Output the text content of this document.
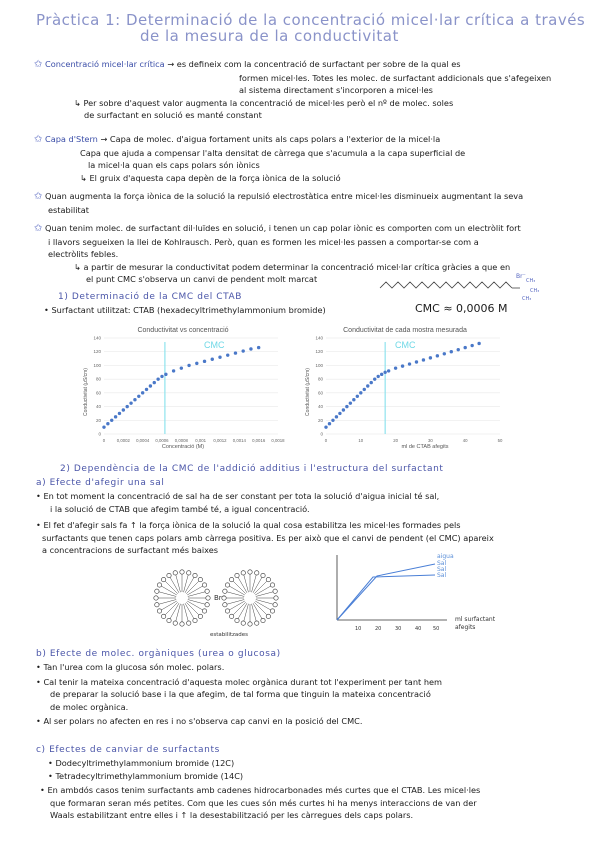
Pràctica 1: Determinació de la concentració micel·lar crítica a través
de la mesura de la conductivitat
✩ Concentració micel·lar crítica → es defineix com la concentració de surfactant per sobre de la qual es
formen micel·les. Totes les molec. de surfactant addicionals que s'afegeixen
al sistema directament s'incorporen a micel·les
↳ Per sobre d'aquest valor augmenta la concentració de micel·les però el nº de molec. soles
de surfactant en solució es manté constant
✩ Capa d'Stern → Capa de molec. d'aigua fortament units als caps polars a l'exterior de la micel·la
Capa que ajuda a compensar l'alta densitat de càrrega que s'acumula a la capa superficial de
la micel·la quan els caps polars són iònics
↳ El gruix d'aquesta capa depèn de la força iònica de la solució
✩ Quan augmenta la força iònica de la solució la repulsió electrostàtica entre micel·les disminueix augmentant la seva
estabilitat
✩ Quan tenim molec. de surfactant dil·luïdes en solució, i tenen un cap polar iònic es comporten com un electròlit fort
i llavors segueixen la llei de Kohlrausch. Però, quan es formen les micel·les passen a comportar-se com a
electròlits febles.
↳ a partir de mesurar la conductivitat podem determinar la concentració micel·lar crítica gràcies a que en
el punt CMC s'observa un canvi de pendent molt marcat	Br⁻
CH₃
CH₃
CH₃
1) Determinació de la CMC del CTAB
• Surfactant utilitzat: CTAB (hexadecyltrimethylammonium bromide)	CMC ≈ 0,0006 M
Conductivitat vs concentració
Concentració (M)
Conductivitat (μS/cm)
CMC
0
20
40
60
80
100
120
140
0	0,0002 0,0004 0,0006 0,0008 0,001 0,0012 0,0014 0,0016 0,0018
Conductivitat de cada mostra mesurada
ml de CTAB afegits
Conductivitat (μS/cm)
CMC
0
20
40
60
80
100
120
140
0	10	20	30	40	50
2) Dependència de la CMC de l'addició additius i l'estructura del surfactant
a) Efecte d'afegir una sal
• En tot moment la concentració de sal ha de ser constant per tota la solució d'aigua inicial té sal,
i la solució de CTAB que afegim també té, a igual concentració.
• El fet d'afegir sals fa ↑ la força iònica de la solució la qual cosa estabilitza les micel·les formades pels
surfactants que tenen caps polars amb càrrega positiva. Es per això que el canvi de pendent (el CMC) apareix
a concentracions de surfactant més baixes
Br⁻
estabilitzades
aigua
Sal
Sal
Sal
10	20	30	40 50
ml surfactant afegits
b) Efecte de molec. orgàniques (urea o glucosa)
• Tan l'urea com la glucosa són molec. polars.
• Cal tenir la mateixa concentració d'aquesta molec orgànica durant tot l'experiment per tant hem
de preparar la solució base i la que afegim, de tal forma que tinguin la mateixa concentració
de molec orgànica.
• Al ser polars no afecten en res i no s'observa cap canvi en la posició del CMC.
c) Efectes de canviar de surfactants
• Dodecyltrimethylammonium bromide (12C)
• Tetradecyltrimethylammonium bromide (14C)
• En ambdós casos tenim surfactants amb cadenes hidrocarbonades més curtes que el CTAB. Les micel·les
que formaran seran més petites. Com que les cues són més curtes hi ha menys interaccions de van der
Waals estabilitzant entre elles i ↑ la desestabilització per les càrregues dels caps polars.
